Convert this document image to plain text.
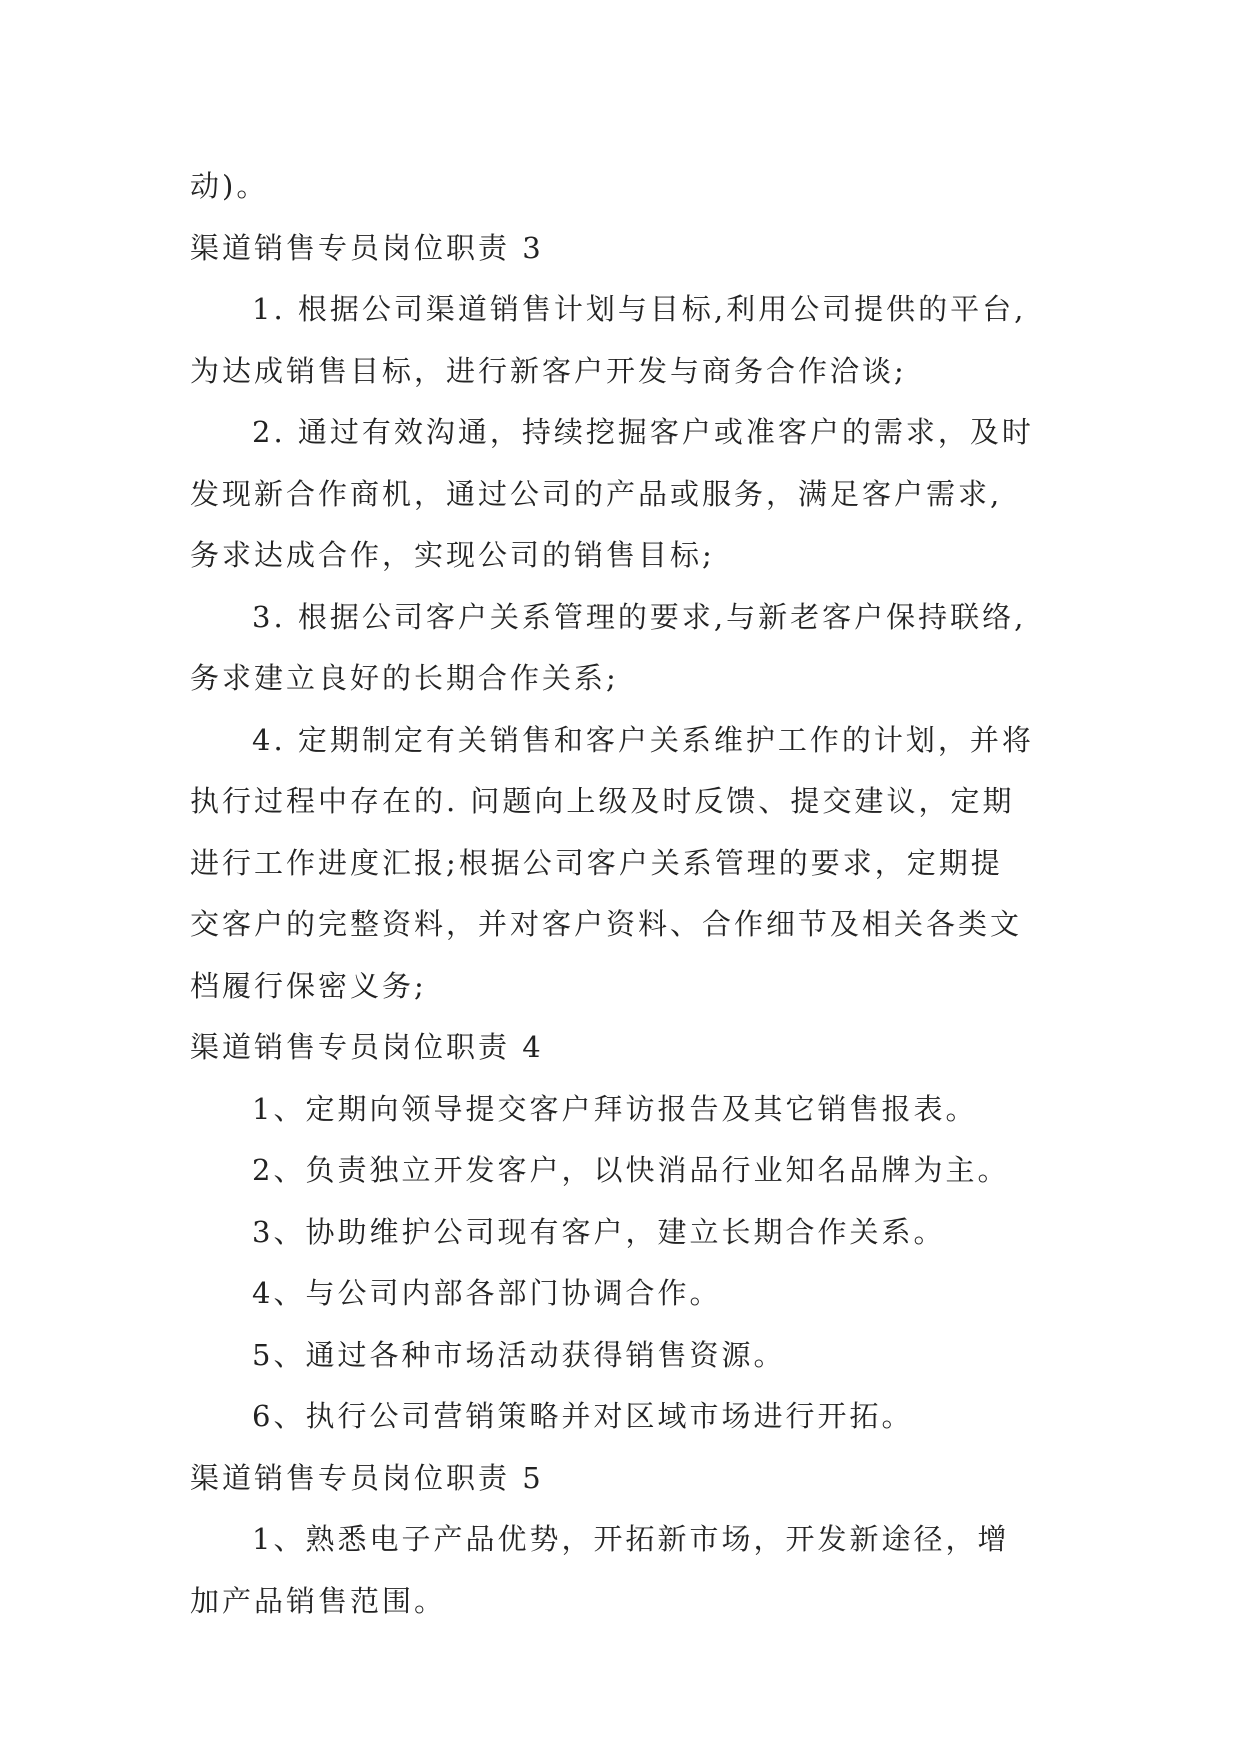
动)。
渠道销售专员岗位职责 3
1. 根据公司渠道销售计划与目标,利用公司提供的平台,
为达成销售目标，进行新客户开发与商务合作洽谈;
2. 通过有效沟通，持续挖掘客户或准客户的需求，及时
发现新合作商机，通过公司的产品或服务，满足客户需求,
务求达成合作，实现公司的销售目标;
3. 根据公司客户关系管理的要求,与新老客户保持联络,
务求建立良好的长期合作关系;
4. 定期制定有关销售和客户关系维护工作的计划，并将
执行过程中存在的. 问题向上级及时反馈、提交建议，定期
进行工作进度汇报;根据公司客户关系管理的要求，定期提
交客户的完整资料，并对客户资料、合作细节及相关各类文
档履行保密义务;
渠道销售专员岗位职责 4
1、定期向领导提交客户拜访报告及其它销售报表。
2、负责独立开发客户，以快消品行业知名品牌为主。
3、协助维护公司现有客户，建立长期合作关系。
4、与公司内部各部门协调合作。
5、通过各种市场活动获得销售资源。
6、执行公司营销策略并对区域市场进行开拓。
渠道销售专员岗位职责 5
1、熟悉电子产品优势，开拓新市场，开发新途径，增
加产品销售范围。
